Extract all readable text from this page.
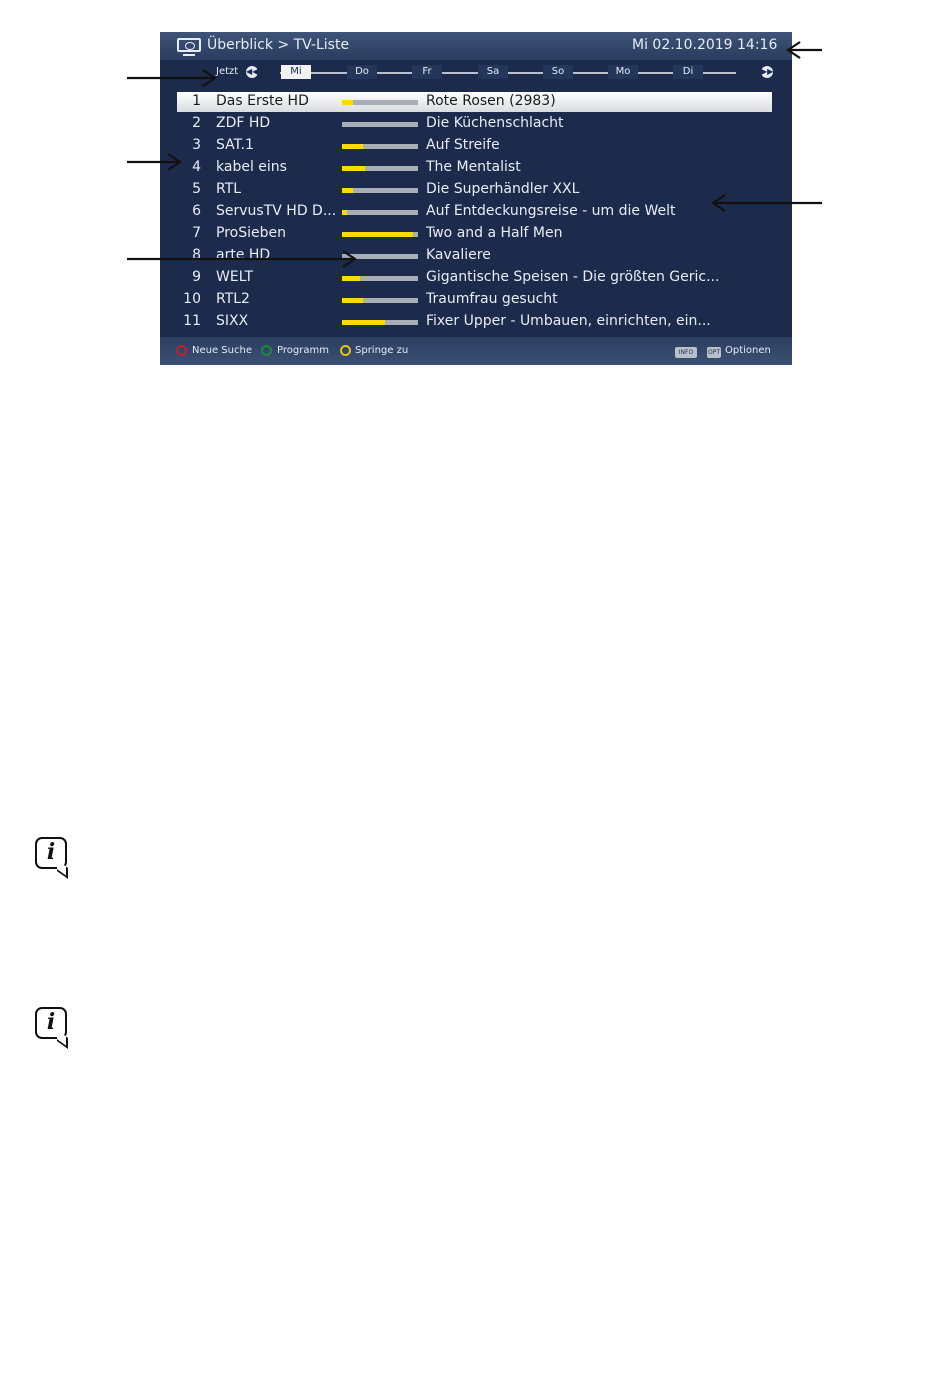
Überblick > TV-Liste	Mi 02.10.2019 14:16
Jetzt ◀◀	Mi	Do	Fr	Sa	So	Mo	Di	▶▶
1 Das Erste HD	Rote Rosen (2983)
2 ZDF HD	Die Küchenschlacht
3 SAT.1	Auf Streife
4 kabel eins	The Mentalist
5 RTL	Die Superhändler XXL
6 ServusTV HD D...	Auf Entdeckungsreise - um die Welt
7 ProSieben	Two and a Half Men
8 arte HD	Kavaliere
9 WELT	Gigantische Speisen - Die größten Geric...
10 RTL2	Traumfrau gesucht
11 SIXX	Fixer Upper - Umbauen, einrichten, ein...
Neue Suche	Programm	Springe zu	INFO	OPT Optionen
i
i
